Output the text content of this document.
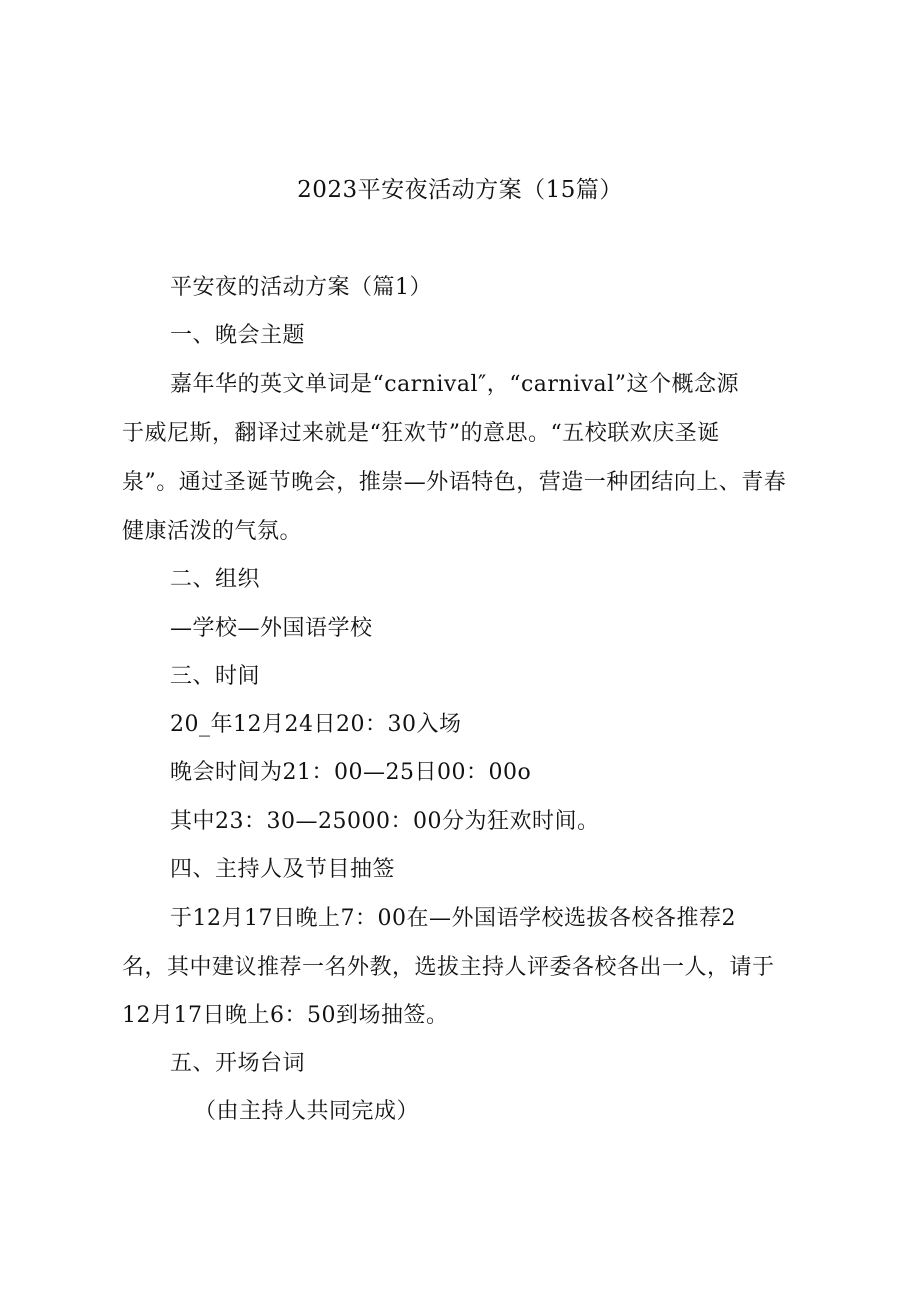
2023平安夜活动方案（15篇）

平安夜的活动方案（篇1）

一、晚会主题

嘉年华的英文单词是“carnival″，“carnival”这个概念源

于威尼斯，翻译过来就是“狂欢节”的意思。“五校联欢庆圣诞

泉”。通过圣诞节晚会，推崇—外语特色，营造一种团结向上、青春

健康活泼的气氛。

二、组织

—学校—外国语学校

三、时间

20_年12月24日20：30入场

晚会时间为21：00—25日00：00o

其中23：30—25000：00分为狂欢时间。

四、主持人及节目抽签

于12月17日晚上7：00在—外国语学校选拔各校各推荐2

名，其中建议推荐一名外教，选拔主持人评委各校各出一人，请于

12月17日晚上6：50到场抽签。

五、开场台词

（由主持人共同完成）
